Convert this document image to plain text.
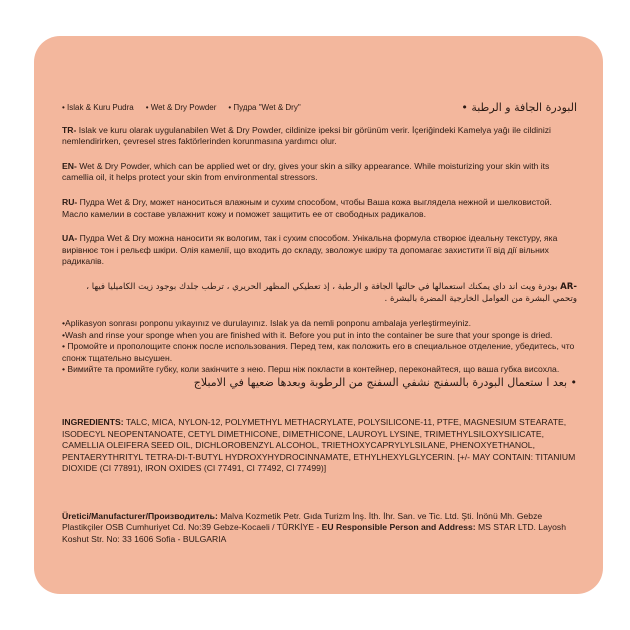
• Islak & Kuru Pudra • Wet & Dry Powder • Пудра "Wet & Dry"	البودرة الجافة و الرطبة •

TR- Islak ve kuru olarak uygulanabilen Wet & Dry Powder, cildinize ipeksi bir görünüm verir. İçeriğindeki Kamelya yağı ile cildinizi nemlendirirken, çevresel stres faktörlerinden korunmasına yardımcı olur.

EN- Wet & Dry Powder, which can be applied wet or dry, gives your skin a silky appearance. While moisturizing your skin with its camellia oil, it helps protect your skin from environmental stressors.

RU- Пудра Wet & Dry, может наноситься влажным и сухим способом, чтобы Ваша кожа выглядела нежной и шелковистой. Масло камелии в составе увлажнит кожу и поможет защитить ее от свободных радикалов.

UA- Пудра Wet & Dry можна наносити як вологим, так і сухим способом. Унікальна формула створює ідеальну текстуру, яка вирівнює тон і рельєф шкіри. Олія камелії, що входить до складу, зволожує шкіру та допомагає захистити її від дії вільних радикалів.

-AR بودرة ويت اند داي يمكنك استعمالها في حالتها الجافة و الرطبة ، إذ تعطيكي المظهر الحريري ، ترطب جلدك بوجود زيت الكاميليا فيها ، وتحمي البشرة من العوامل الخارجية المضرة بالبشرة .

•Aplikasyon sonrası ponponu yıkayınız ve durulayınız. Islak ya da nemli ponponu ambalaja yerleştirmeyiniz.

•Wash and rinse your sponge when you are finished with it. Before you put in into the container be sure that your sponge is dried.

• Промойте и прополощите спонж после использования. Перед тем, как положить его в специальное отделение, убедитесь, что спонж тщательно высушен.

• Вимийте та промийте губку, коли закінчите з нею. Перш ніж покласти в контейнер, переконайтеся, що ваша губка висохла.

• بعد ا ستعمال البودرة بالسفنج نشفي السفنج من الرطوبة وبعدها ضعيها في الامبلاج

INGREDIENTS: TALC, MICA, NYLON-12, POLYMETHYL METHACRYLATE, POLYSILICONE-11, PTFE, MAGNESIUM STEARATE, ISODECYL NEOPENTANOATE, CETYL DIMETHICONE, DIMETHICONE, LAUROYL LYSINE, TRIMETHYLSILOXYSILICATE, CAMELLIA OLEIFERA SEED OIL, DICHLOROBENZYL ALCOHOL, TRIETHOXYCAPRYLYLSILANE, PHENOXYETHANOL, PENTAERYTHRITYL TETRA-DI-T-BUTYL HYDROXYHYDROCINNAMATE, ETHYLHEXYLGLYCERIN. [+/- MAY CONTAIN: TITANIUM DIOXIDE (CI 77891), IRON OXIDES (CI 77491, CI 77492, CI 77499)]

Üretici/Manufacturer/Производитель: Malva Kozmetik Petr. Gıda Turizm İnş. İth. İhr. San. ve Tic. Ltd. Şti. İnönü Mh. Gebze Plastikçiler OSB Cumhuriyet Cd. No:39 Gebze-Kocaeli / TÜRKİYE - EU Responsible Person and Address: MS STAR LTD. Layosh Koshut Str. No: 33 1606 Sofia - BULGARIA
